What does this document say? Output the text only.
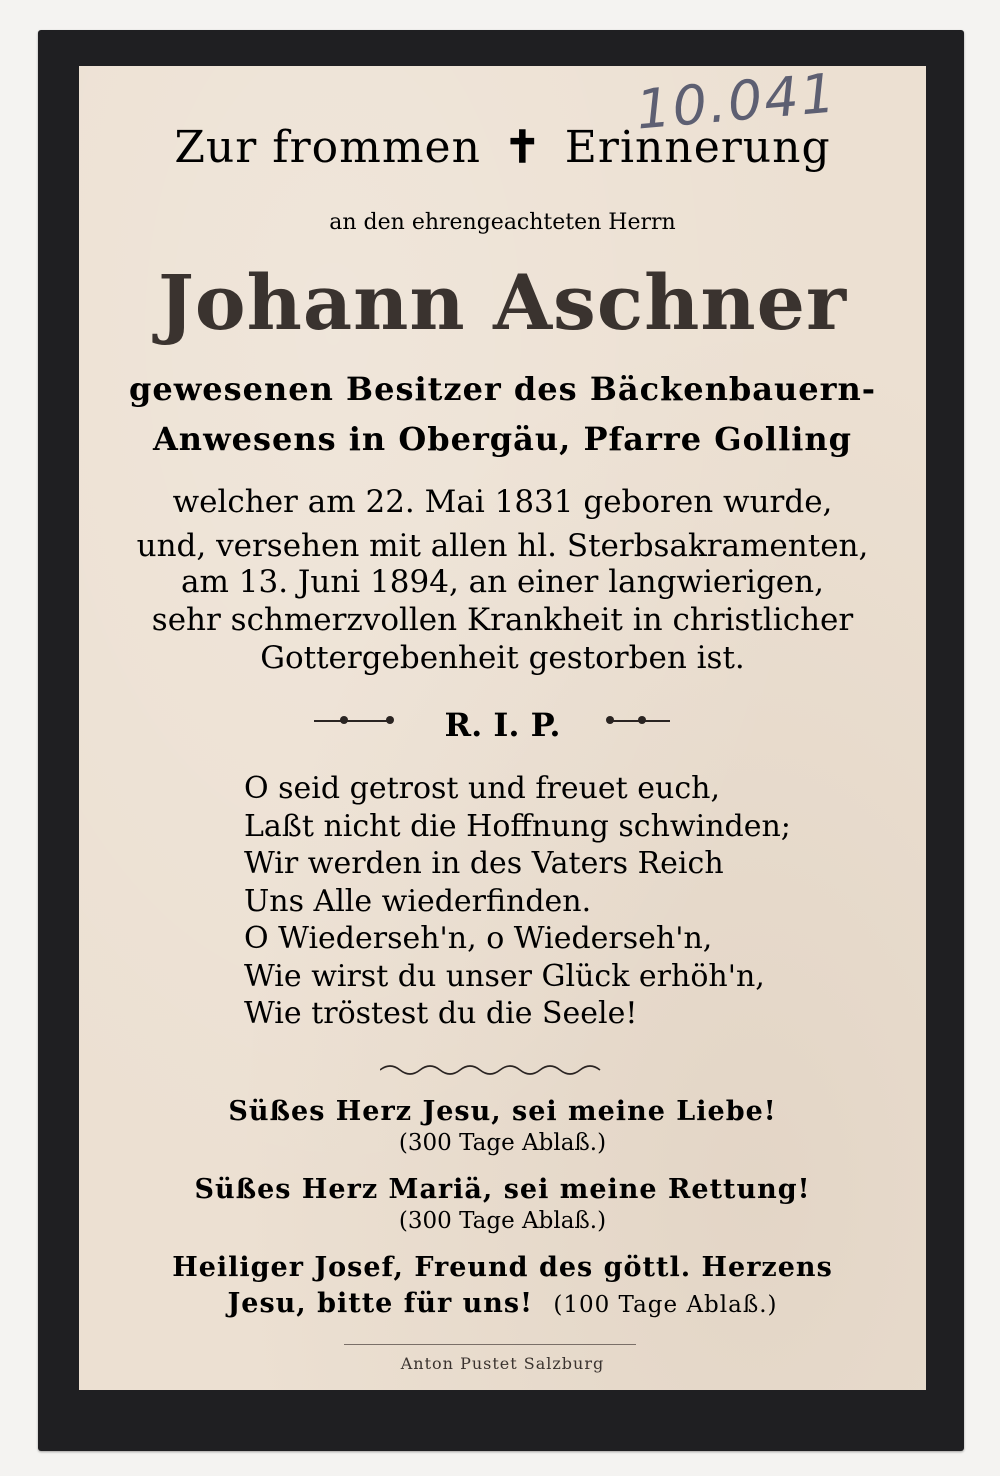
10.041
Zur frommen ✝ Erinnerung
an den ehrengeachteten Herrn
Johann Aschner
gewesenen Besitzer des Bäckenbauern-
Anwesens in Obergäu, Pfarre Golling
welcher am 22. Mai 1831 geboren wurde,
und, versehen mit allen hl. Sterbsakramenten,
am 13. Juni 1894, an einer langwierigen,
sehr schmerzvollen Krankheit in christlicher
Gottergebenheit gestorben ist.
R. I. P.
O seid getrost und freuet euch,
Laßt nicht die Hoffnung schwinden;
Wir werden in des Vaters Reich
Uns Alle wiederfinden.
O Wiederseh'n, o Wiederseh'n,
Wie wirst du unser Glück erhöh'n,
Wie tröstest du die Seele!
Süßes Herz Jesu, sei meine Liebe!
(300 Tage Ablaß.)
Süßes Herz Mariä, sei meine Rettung!
(300 Tage Ablaß.)
Heiliger Josef, Freund des göttl. Herzens
Jesu, bitte für uns! (100 Tage Ablaß.)
Anton Pustet Salzburg
